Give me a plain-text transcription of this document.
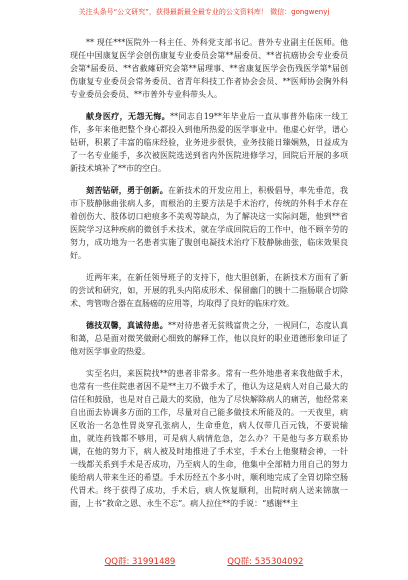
关注头条号“公文研究”，获得最新最全最专业的公文资料库！ 微信：gongwenyj

** 现任***医院外一科主任、外科党支部书记。普外专业副主任医师。他现任中国康复医学会创伤康复专业委员会第**届委员、**省抗癌协会专业委员会第*届委员、**省截瘫研究会第**届理事、**省康复医学会伤残医学第*届创伤康复专业委员会常务委员、省青年科技工作者协会会员、**医师协会胸外科专业委员会委员、**市普外专业科带头人。

献身医疗，无怨无悔。**同志自19**年毕业后一直从事普外临床一线工作，多年来他把整个身心都投入到他所热爱的医学事业中。他虚心好学，谱心钻研，积累了丰富的临床经验，业务进步很快，业务技能日臻娴熟，日益成为了一名专业能手，多次被医院选送到省内外医院进修学习，回院后开展的多项新技术填补了**市的空白。

刻苦钻研，勇于创新。在新技术的开发应用上，积极倡导，率先垂范，我市下肢静脉曲张病人多，而根治的主要方法是手术治疗，传统的外科手术存在着创伤大、肢体切口疤痕多不美观等缺点，为了解决这一实际问题，他到**省医院学习这种疾病的微创手术技术，就在学成回院后的工作中，他不顾辛劳的努力，成功地为一名患者实施了腹创电凝技术治疗下肢静脉曲张，临床效果良好。

近两年来，在新任领导班子的支持下，他大胆创新，在新技术方面有了新的尝试和研究，如，开展的乳头内陷成形术、保留幽门的胰十二指肠联合切除术、弯管吻合器在直肠癌的应用等，均取得了良好的临床疗效。

德技双馨，真诚待患。**对待患者无贫贱富贵之分，一视同仁，态度认真和蔼，总是面对微笑做耐心细致的解释工作，他以良好的职业道德形象印证了他对医学事业的热爱。

实至名归，来医院找**的患者非常多。常有一些外地患者来我他做手术，也常有一些住院患者因不是**主刀不做手术了，他认为这是病人对自己最大的信任和鼓励，也是对自己最大的奖励，他为了尽快解除病人的痛苦，他经常来自出面去协调多方面的工作，尽量对自己能多做技术所能及的。一天夜里，病区收治一名急性胃炎穿孔张病人，生命垂危，病人仅带几百元钱，不要说输血，就连药钱都不够用，可是病人病情危急，怎么办？干是他与多方联系协调，在他的努力下，病人被及时地推进了手术室，手术台上他聚精会神，一针一线都关系到手术是否成功，乃至病人的生命，他集中全部精力用自己的努力能给病人带来生还的希望。手术历经五个多小时，顺利地完成了全胃切除空肠代胃术。终于获得了成功，手术后，病人恢复顺利，出院时病人送来锦旗一面，上书“救命之恩、永生不忘”。病人拉住**的手说：“感谢**主

QQ群: 31991489	QQ群: 535304092
